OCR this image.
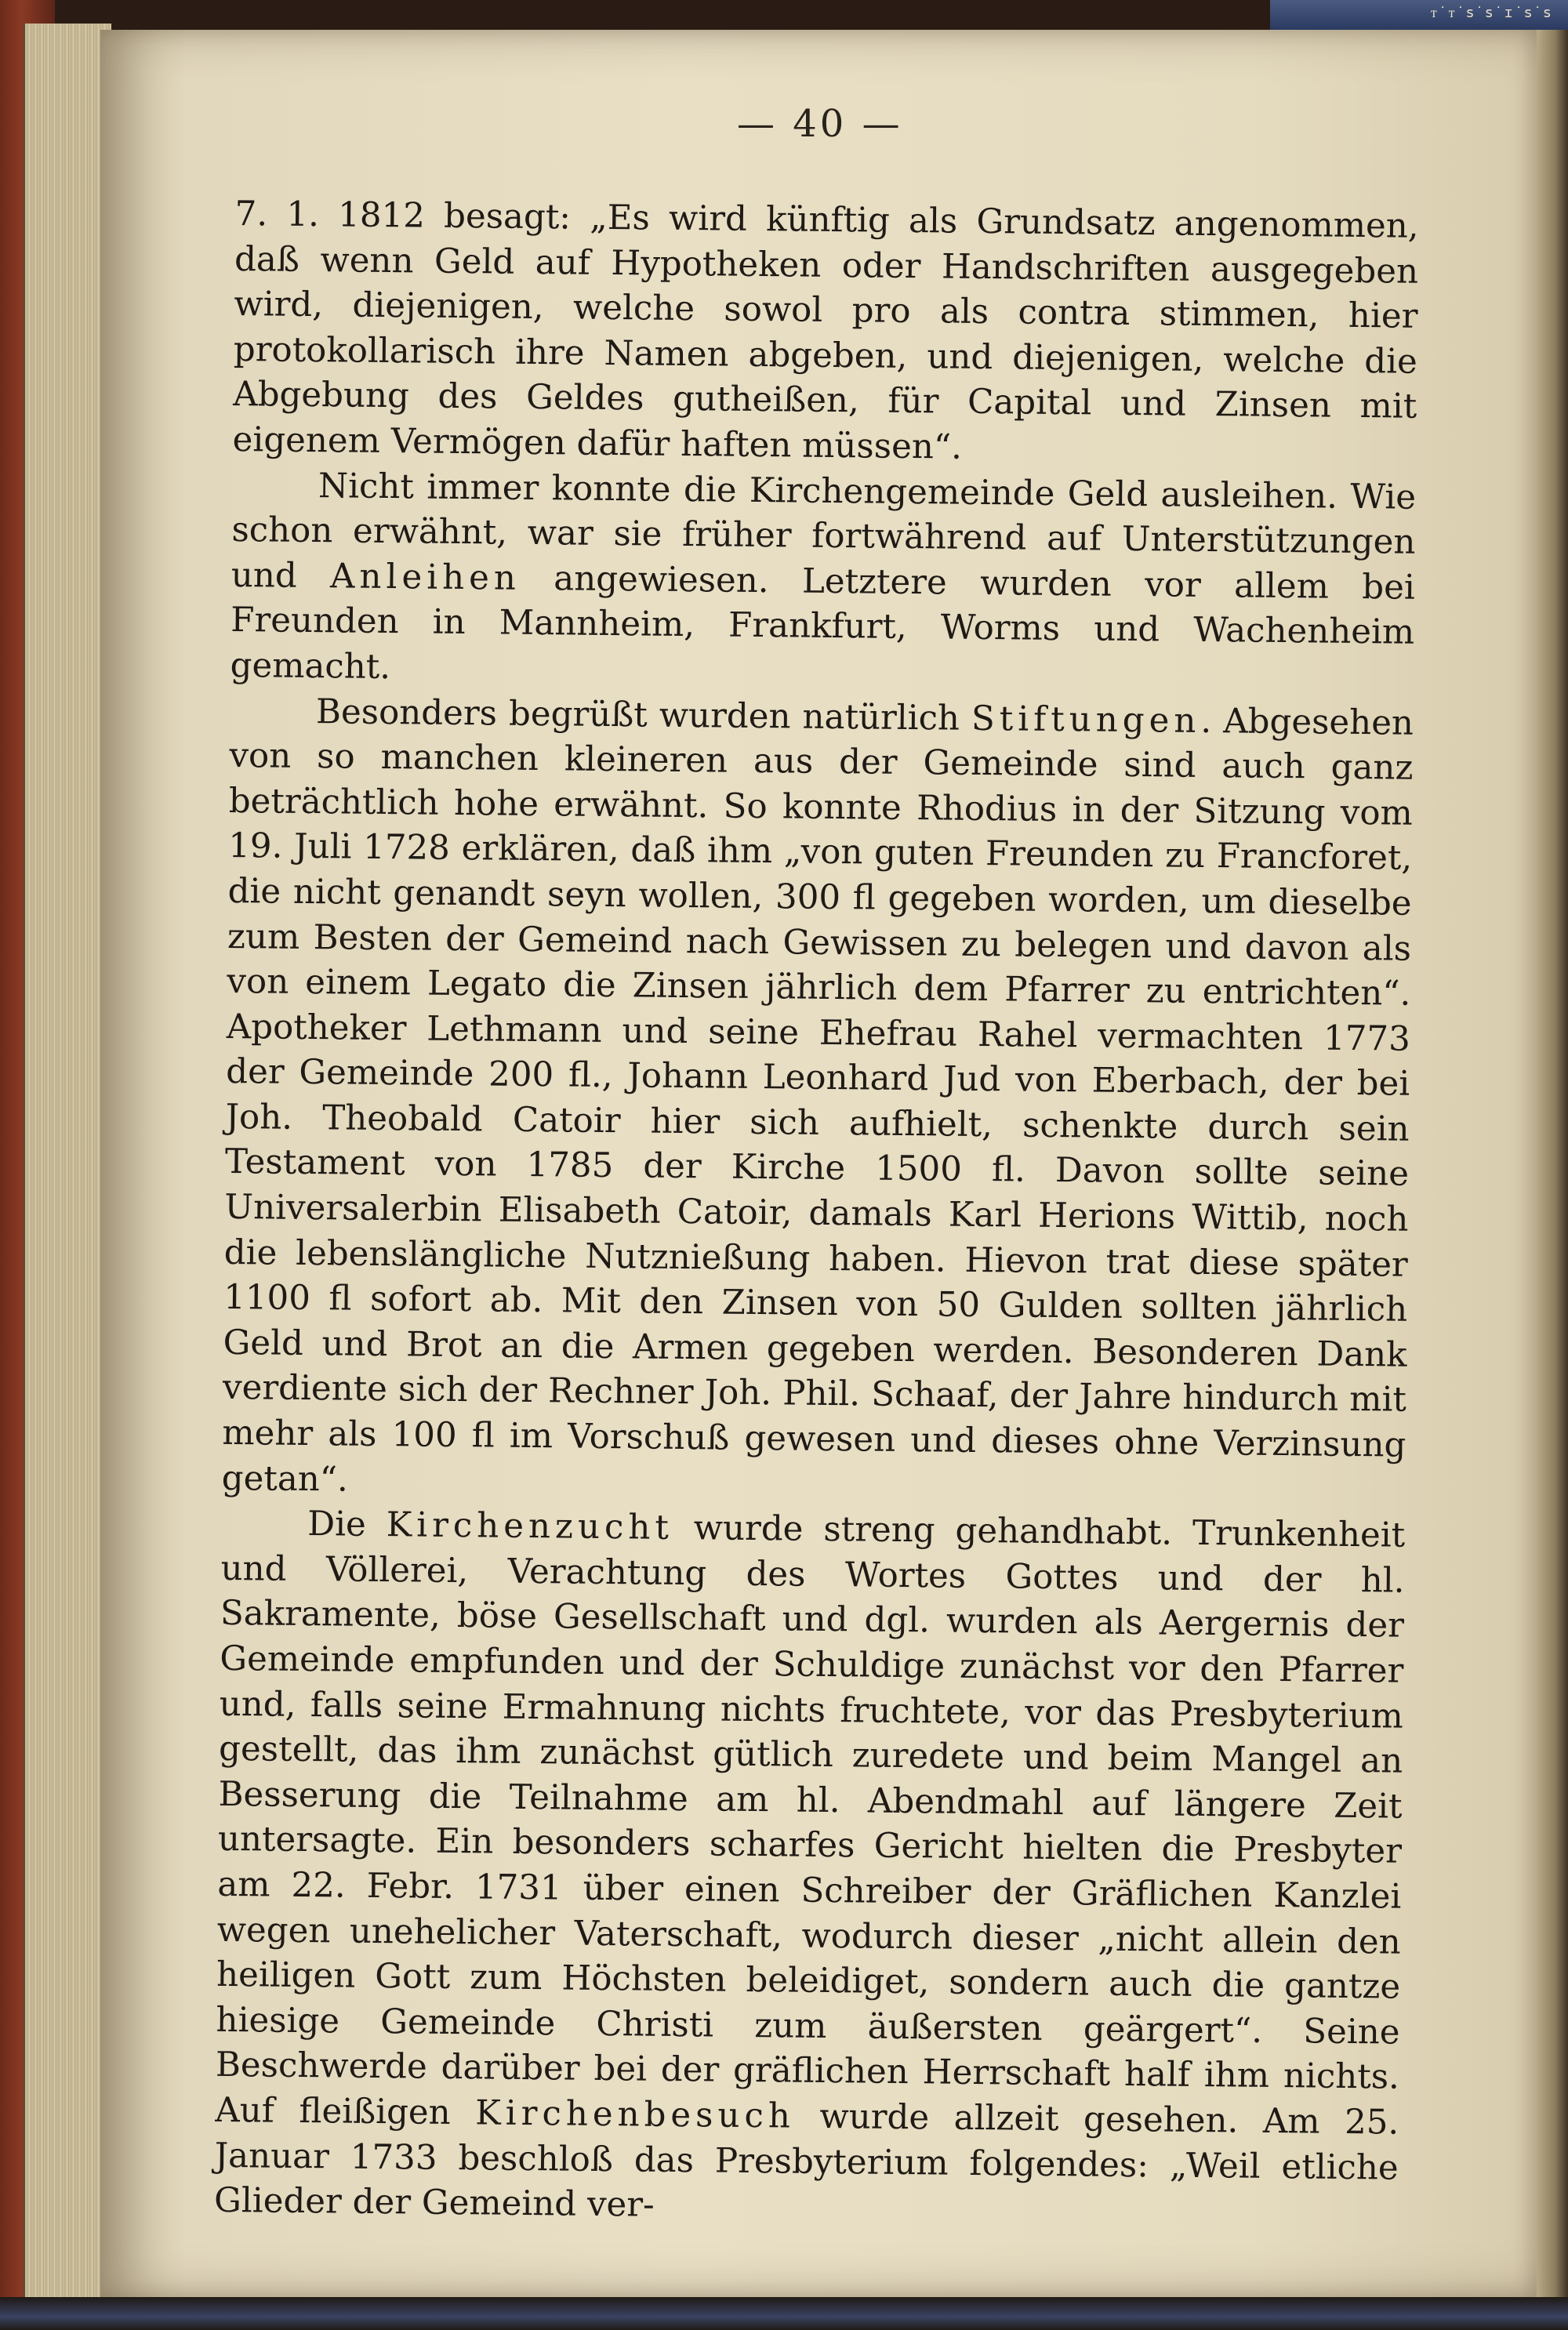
ᴛ˙ᴛ˙ꜱ˙ꜱ˙ɪ˙ꜱ˙ꜱ
— 40 —

7. 1. 1812 besagt: „Es wird künftig als Grundsatz angenommen, daß wenn Geld auf Hypotheken oder Handschriften ausgegeben wird, diejenigen, welche sowol pro als contra stimmen, hier protokollarisch ihre Namen abgeben, und diejenigen, welche die Abgebung des Geldes gutheißen, für Capital und Zinsen mit eigenem Vermögen dafür haften müssen“.

Nicht immer konnte die Kirchengemeinde Geld ausleihen. Wie schon erwähnt, war sie früher fortwährend auf Unterstützungen und Anleihen angewiesen. Letztere wurden vor allem bei Freunden in Mannheim, Frankfurt, Worms und Wachenheim gemacht.

Besonders begrüßt wurden natürlich Stiftungen. Abgesehen von so manchen kleineren aus der Gemeinde sind auch ganz beträchtlich hohe erwähnt. So konnte Rhodius in der Sitzung vom 19. Juli 1728 erklären, daß ihm „von guten Freunden zu Francforet, die nicht genandt seyn wollen, 300 fl gegeben worden, um dieselbe zum Besten der Gemeind nach Gewissen zu belegen und davon als von einem Legato die Zinsen jährlich dem Pfarrer zu entrichten“. Apotheker Lethmann und seine Ehefrau Rahel vermachten 1773 der Gemeinde 200 fl., Johann Leonhard Jud von Eberbach, der bei Joh. Theobald Catoir hier sich aufhielt, schenkte durch sein Testament von 1785 der Kirche 1500 fl. Davon sollte seine Universalerbin Elisabeth Catoir, damals Karl Herions Wittib, noch die lebenslängliche Nutznießung haben. Hievon trat diese später 1100 fl sofort ab. Mit den Zinsen von 50 Gulden sollten jährlich Geld und Brot an die Armen gegeben werden. Besonderen Dank verdiente sich der Rechner Joh. Phil. Schaaf, der Jahre hindurch mit mehr als 100 fl im Vorschuß gewesen und dieses ohne Verzinsung getan“.

Die Kirchenzucht wurde streng gehandhabt. Trunkenheit und Völlerei, Verachtung des Wortes Gottes und der hl. Sakramente, böse Gesellschaft und dgl. wurden als Aergernis der Gemeinde empfunden und der Schuldige zunächst vor den Pfarrer und, falls seine Ermahnung nichts fruchtete, vor das Presbyterium gestellt, das ihm zunächst gütlich zuredete und beim Mangel an Besserung die Teilnahme am hl. Abendmahl auf längere Zeit untersagte. Ein besonders scharfes Gericht hielten die Presbyter am 22. Febr. 1731 über einen Schreiber der Gräflichen Kanzlei wegen unehelicher Vaterschaft, wodurch dieser „nicht allein den heiligen Gott zum Höchsten beleidiget, sondern auch die gantze hiesige Gemeinde Christi zum äußersten geärgert“. Seine Beschwerde darüber bei der gräflichen Herrschaft half ihm nichts. Auf fleißigen Kirchenbesuch wurde allzeit gesehen. Am 25. Januar 1733 beschloß das Presbyterium folgendes: „Weil etliche Glieder der Gemeind ver-
